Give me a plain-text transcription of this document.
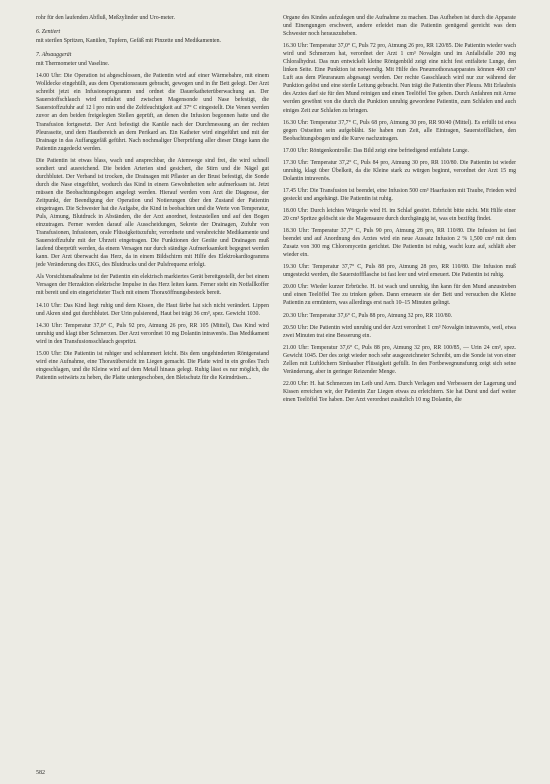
rohr für den laufenden Abfluß, Meßzylinder und Uro-meter.

6. Zentiert

mit sterilen Spritzen, Kanülen, Tupfern, Gefäß mit Pinzette und Medikamenten.

7. Absauggerät

mit Thermometer und Vaseline.

14.00 Uhr: Die Operation ist abgeschlossen, die Patientin wird auf einer Wärmebahre, mit einem Wolldecke eingehüllt, aus dem Operationsraum gebracht, gewogen und in ihr Bett gelegt. Der Arzt schreibt jetzt ein Infusionsprogramm und ordnet die Dauerkatheterüberwachung an. Der Sauerstoffschlauch wird entfaltet und zwischen Magensonde und Nase befestigt, die Sauerstoffzufuhr auf 12 l pro min und die Zeltfeuchtigkeit auf 37° C eingestellt. Die Venen werden zuvor an den beiden freigelegten Stellen geprüft, an denen die Infusion begonnen hatte und die Transfusion fortgesetzt. Der Arzt befestigt die Kanüle nach der Durchmessung an der rechten Pleuraseite, und dem Hautbereich an dem Perikard an. Ein Katheter wird eingeführt und mit der Drainage in das Auffanggefäß geführt. Nach nochmaliger Überprüfung aller dieser Dinge kann die Patientin zugedeckt werden.

Die Patientin ist etwas blass, wach und ansprechbar, die Atemwege sind frei, die wird schnell sondiert und ausreichend. Die beiden Arterien sind gesichert, die Stirn und die Nägel gut durchblutet. Der Verband ist trocken, die Drainagen mit Pflaster an der Brust befestigt, die Sonde durch die Nase eingeführt, wodurch das Kind in einem Gewohnheiten sehr aufmerksam ist. Jetzt müssen die Beobachtungsbogen angelegt werden. Hierauf werden vom Arzt die Diagnose, der Zeitpunkt, der Beendigung der Operation und Notierungen über den Zustand der Patientin eingetragen. Die Schwester hat die Aufgabe, die Kind in beobachten und die Werte von Temperatur, Puls, Atmung, Blutdruck in Abständen, die der Arzt anordnet, festzustellen und auf den Bogen einzutragen. Ferner werden darauf alle Ausscheidungen, Sekrete der Drainagen, Zufuhr von Transfusionen, Infusionen, orale Flüssigkeitszufuhr, verordnete und verabreichte Medikamente und Sauerstoffzufuhr mit der Uhrzeit eingetragen. Die Funktionen der Geräte und Drainagen muß laufend überprüft werden, da einem Versagen nur durch ständige Aufmerksamkeit begegnet werden kann. Der Arzt überwacht das Herz, da in einem Bildschirm mit Hilfe des Elektrokardiogramms jede Veränderung des EKG, des Blutdrucks und der Pulsfrequenz erfolgt.

Als Vorsichtsmaßnahme ist der Patientin ein elektrisch markiertes Gerät bereitgestellt, der bei einem Versagen der Herzaktion elektrische Impulse in das Herz leiten kann. Ferner steht ein Notfallkoffer mit bereit und ein eingerichteter Tisch mit einem Thoraxöffnungsbesteck bereit.

14.10 Uhr: Das Kind liegt ruhig und dem Kissen, die Haut färbe hat sich nicht verändert. Lippen und Akren sind gut durchblutet. Der Urin pulsierend, Haut bei trägt 36 cm³, spez. Gewicht 1030.

14.30 Uhr: Temperatur 37,0° C, Puls 92 pro, Atmung 26 pro, RR 105 (Mittel), Das Kind wird unruhig und klagt über Schmerzen. Der Arzt verordnet 10 mg Dolantin intravenös. Das Medikament wird in den Transfusionsschlauch gespritzt.

15.00 Uhr: Die Patientin ist ruhiger und schlummert leicht. Bis dem ungehinderten Röntgenstand wird eine Aufnahme, eine Thoraxübersicht im Liegen gemacht. Die Platte wird in ein großes Tuch eingeschlagen, und die Kleine wird auf dem Metall hinaus gelegt. Ruhig lässt es nur möglich, die Patientin seitwärts zu heben, die Platte untergeschoben, den Bleischutz für die Keimdrüsen...

Organe des Kindes aufzulegen und die Aufnahme zu machen. Das Aufheben ist durch die Apparate und Einengungen erschwert, andere erleidet man die Patientin genügend gereicht was dem Schwester noch herauszuheben.

16.30 Uhr: Temperatur 37,0° C, Puls 72 pro, Atmung 26 pro, RR 120/85. Die Patientin wieder wach wird und Schmerzen hat, verordnet der Arzt 1 cm³ Novalgin und im Anfallsfalle 200 mg Chloralhydrat. Das nun entwickelt kleine Röntgenbild zeigt eine nicht fest entfaltete Lunge, den linken Seite. Eine Punktion ist notwendig. Mit Hilfe des Pneumothoraxapparates können 400 cm³ Luft aus dem Pleuraraum abgesaugt werden. Der rechte Gasschlauch wird nur zur während der Punktion gelöst und eine sterile Leitung gebracht. Nun trägt die Patientin über Pleura. Mit Erlaubnis des Arztes darf sie für den Mund reinigen und einen Teelöffel Tee geben. Durch Anfahren mit Arme werden gewöhnt von die durch die Punktion unruhig gewordene Patientin, zum Schlafen und auch einiges Zeit zur Schlafen zu bringen.

16.30 Uhr: Temperatur 37,7° C, Puls 68 pro, Atmung 30 pro, RR 90/40 (Mittel). Es erfüllt ist etwa gegen Ostseiten sein aufgebläht. Sie haben nun Zeit, alle Eintragen, Sauerstofflächen, den Beobachtungsbogen und die Kurve nachzutragen.

17.00 Uhr: Röntgenkontrolle: Das Bild zeigt eine befriedigend entfaltete Lunge.

17.30 Uhr: Temperatur 37,2° C, Puls 84 pro, Atmung 30 pro, RR 110/80. Die Patientin ist wieder unruhig, klagt über Übelkeit, da die Kleine stark zu würgen beginnt, verordnet der Arzt 15 mg Dolantin intravenös.

17.45 Uhr: Die Transfusion ist beendet, eine Infusion 500 cm³ Haarfusion mit Traube, Frieden wird gesteckt und angehängt. Die Patientin ist ruhig.

18.00 Uhr: Durch leichtes Würgerle wird H. im Schlaf gestört. Erbricht bitte nicht. Mit Hilfe einer 20 cm³ Spritze gelöscht sie die Magensaure durch durchgängig ist, was ein bezifüg findet.

18.30 Uhr: Temperatur 37,7° C, Puls 90 pro, Atmung 28 pro, RR 110/80. Die Infusion ist fast beendet und auf Anordnung des Arztes wird ein neue Aussatz Infusion 2 % 1,500 cm³ mit dem Zusatz von 300 mg Chloromycetin gerichtet. Die Patientin ist ruhig, wacht kurz auf, schläft aber wieder ein.

19.30 Uhr: Temperatur 37,7° C, Puls 88 pro, Atmung 28 pro, RR 110/80. Die Infusion muß umgesteckt werden, die Sauerstoffflasche ist fast leer und wird erneuert. Die Patientin ist ruhig.

20.00 Uhr: Wieder kurzer Erbrüche. H. ist wach und unruhig, ihn kann für den Mund anzustreben und einen Teelöffel Tee zu trinken geben. Dann erneuern sie der Bett und versuchen die Kleine Patientin zu ermüntern, was allerdings erst nach 10–15 Minuten gelingt.

20.30 Uhr: Temperatur 37,6° C, Puls 88 pro, Atmung 32 pro, RR 110/80.

20.50 Uhr: Die Patientin wird unruhig und der Arzt verordnet 1 cm³ Novalgin intravenös, weil, etwa zwei Minuten trat eine Besserung ein.

21.00 Uhr: Temperatur 37,6° C, Puls 88 pro, Atmung 32 pro, RR 100/85, — Urin 24 cm³, spez. Gewicht 1045. Der des zeigt wieder noch sehr ausgezeichneter Schreibt, um die Sonde ist von einer Zellen mit Luftlöchern Sirdsauber Flüssigkeit gefüllt. In den Fortbewegnunsfunrg zeigt sich seine Veränderung, aber in geringer Reizender Menge.

22.00 Uhr: H. hat Schmerzen im Leib und Arm. Durch Verlagen und Verbessern der Lagerung und Kissen erreichen wir, der Patientin Zur Liegen etwas zu erleichtern. Sie hat Durst und darf weiter einen Teelöffel Tee haben. Der Arzt verordnet zusätzlich 10 mg Dolantin, die

582
